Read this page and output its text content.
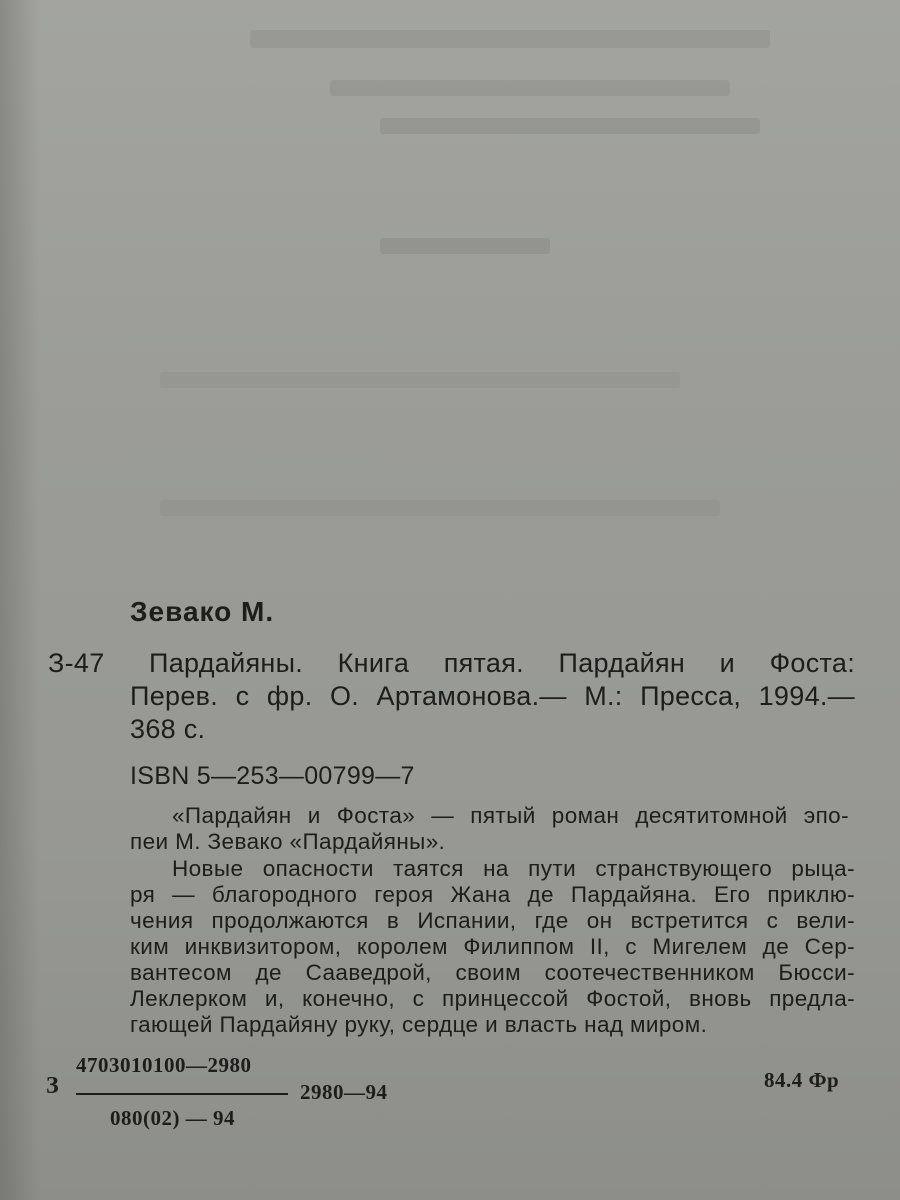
Зевако М.
З-47 Пардайяны. Книга пятая. Пардайян и Фоста:
Перев. с фр. О. Артамонова.— М.: Пресса, 1994.—
368 с.
ISBN 5—253—00799—7
«Пардайян и Фоста» — пятый роман десятитомной эпо-
пеи М. Зевако «Пардайяны».
Новые опасности таятся на пути странствующего рыца-
ря — благородного героя Жана де Пардайяна. Его приклю-
чения продолжаются в Испании, где он встретится с вели-
ким инквизитором, королем Филиппом II, с Мигелем де Сер-
вантесом де Сааведрой, своим соотечественником Бюсси-
Леклерком и, конечно, с принцессой Фостой, вновь предла-
гающей Пардайяну руку, сердце и власть над миром.
З
4703010100—2980
080(02) — 94
2980—94	84.4 Фр
